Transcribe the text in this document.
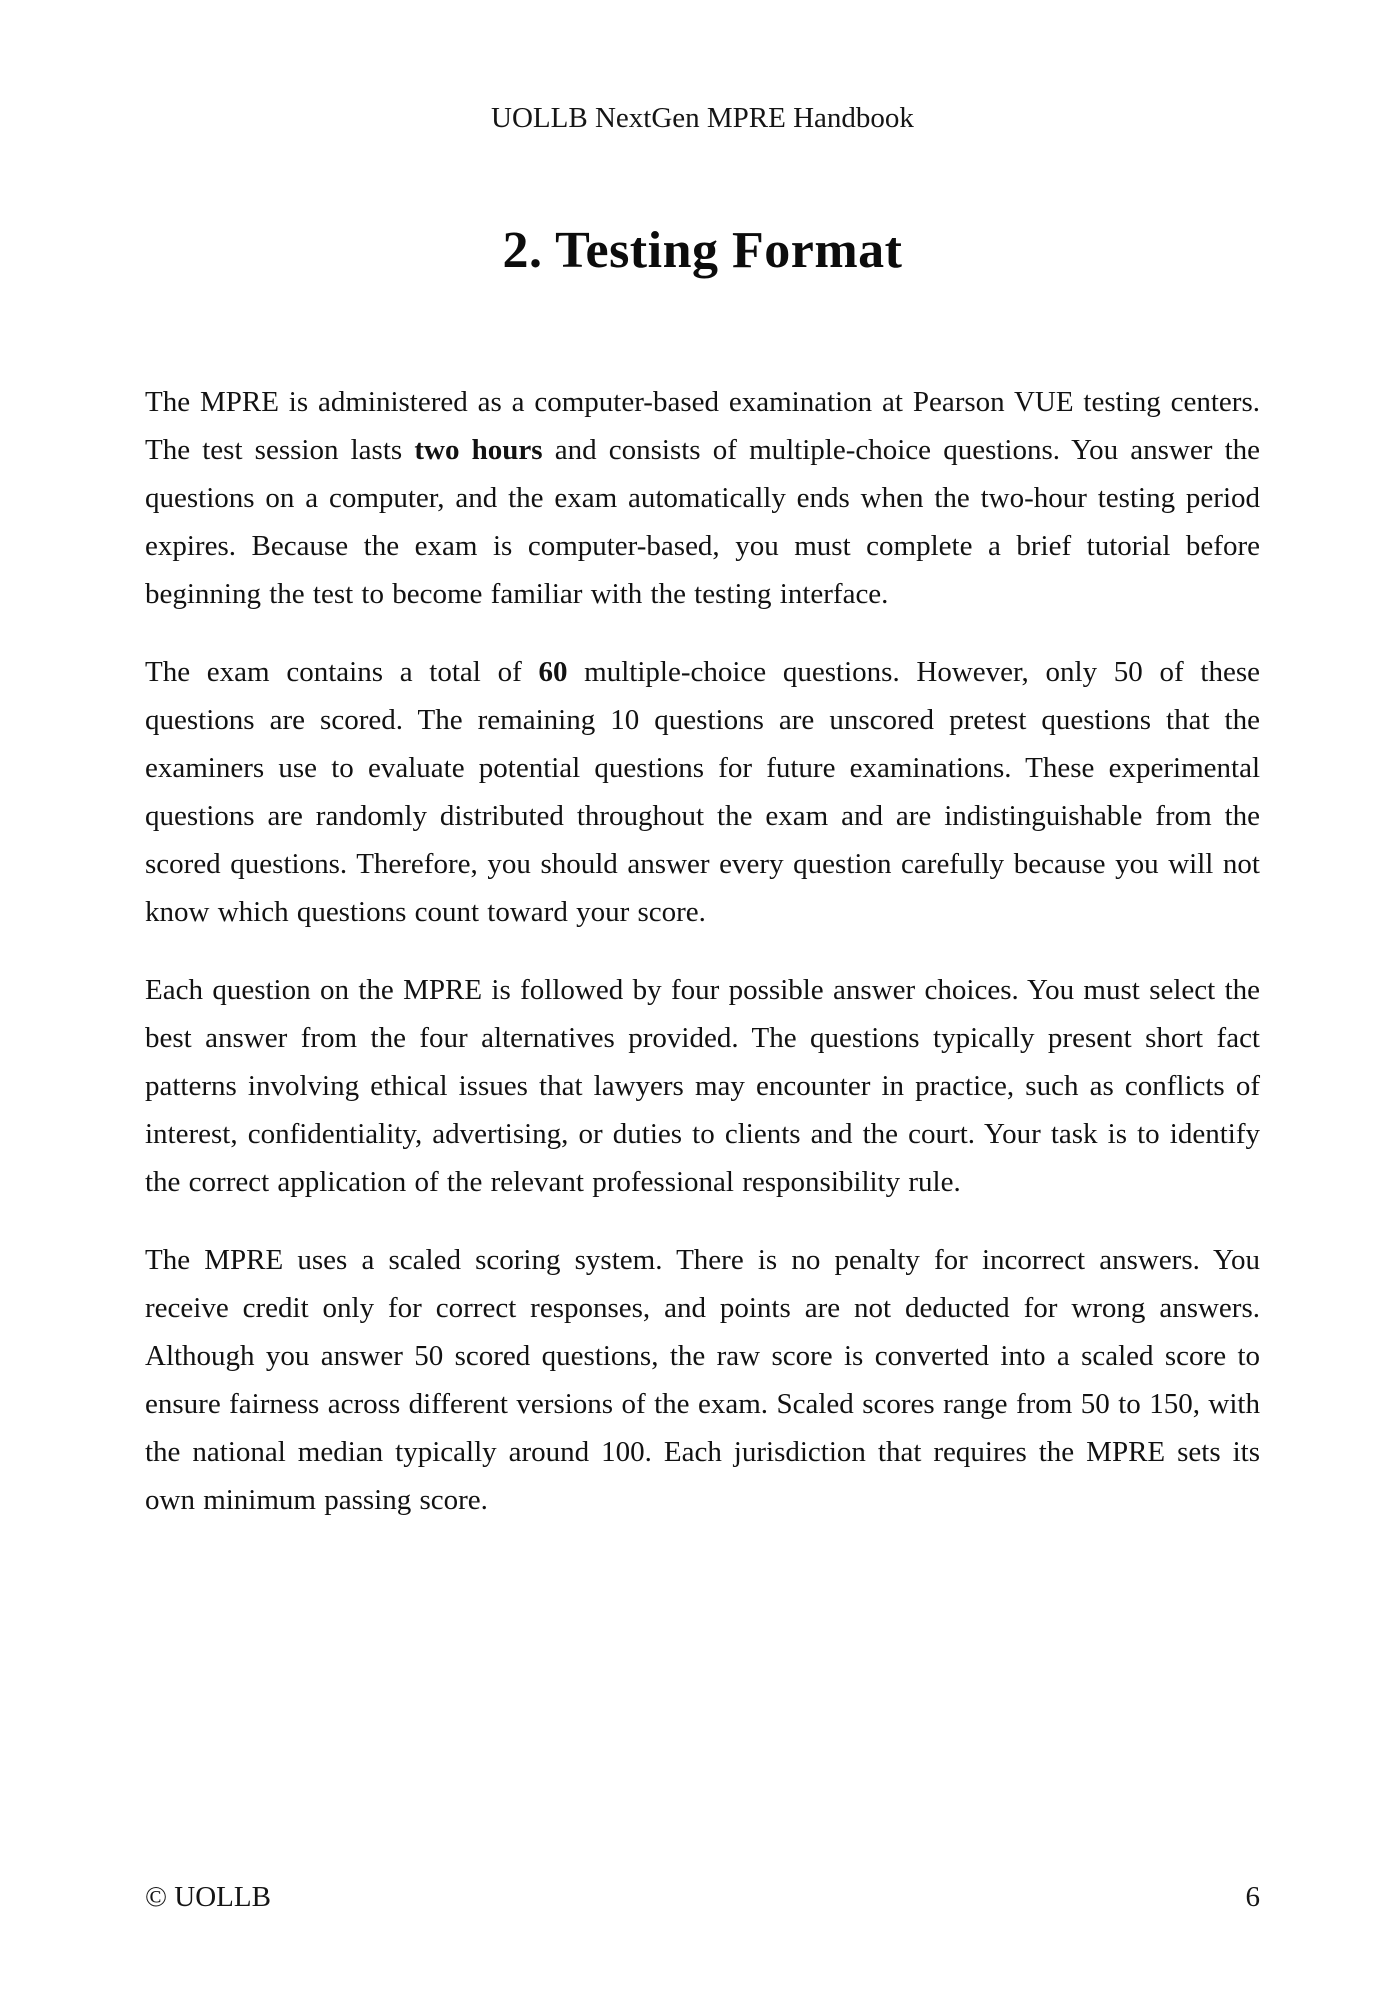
UOLLB NextGen MPRE Handbook
2. Testing Format

The MPRE is administered as a computer-based examination at Pearson VUE testing centers. The test session lasts two hours and consists of multiple-choice questions. You answer the questions on a computer, and the exam automatically ends when the two-hour testing period expires. Because the exam is computer-based, you must complete a brief tutorial before beginning the test to become familiar with the testing interface.

The exam contains a total of 60 multiple-choice questions. However, only 50 of these questions are scored. The remaining 10 questions are unscored pretest questions that the examiners use to evaluate potential questions for future examinations. These experimental questions are randomly distributed throughout the exam and are indistinguishable from the scored questions. Therefore, you should answer every question carefully because you will not know which questions count toward your score.

Each question on the MPRE is followed by four possible answer choices. You must select the best answer from the four alternatives provided. The questions typically present short fact patterns involving ethical issues that lawyers may encounter in practice, such as conflicts of interest, confidentiality, advertising, or duties to clients and the court. Your task is to identify the correct application of the relevant professional responsibility rule.

The MPRE uses a scaled scoring system. There is no penalty for incorrect answers. You receive credit only for correct responses, and points are not deducted for wrong answers. Although you answer 50 scored questions, the raw score is converted into a scaled score to ensure fairness across different versions of the exam. Scaled scores range from 50 to 150, with the national median typically around 100. Each jurisdiction that requires the MPRE sets its own minimum passing score.

© UOLLB	6
